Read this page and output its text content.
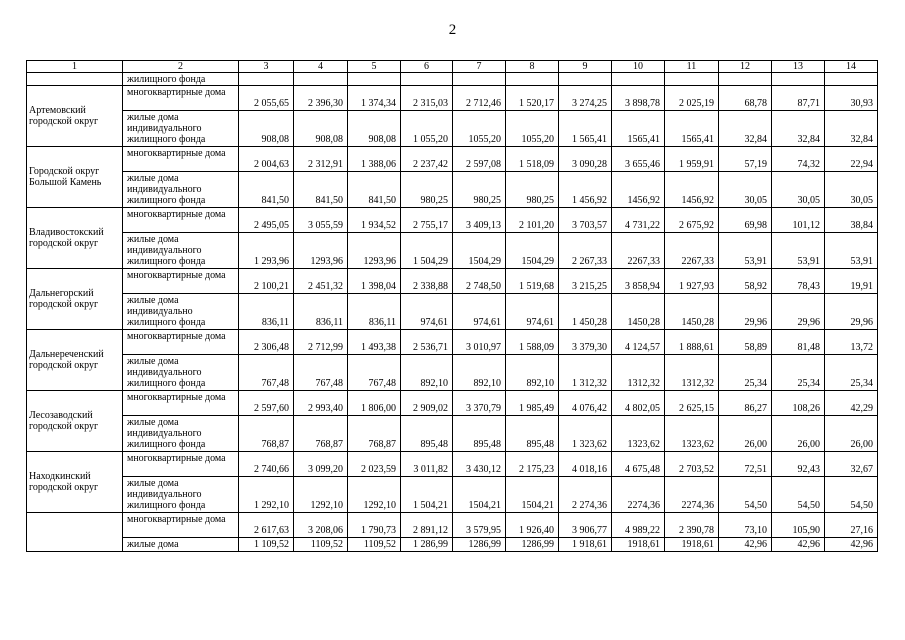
2
1	2	3	4	5	6	7	8	9	10	11	12	13	14
	жилищного фонда												
Артемовский городской округ	многоквартирные дома	2 055,65	2 396,30	1 374,34	2 315,03	2 712,46	1 520,17	3 274,25	3 898,78	2 025,19	68,78	87,71	30,93
	жилые дома индивидуального жилищного фонда	908,08	908,08	908,08	1 055,20	1055,20	1055,20	1 565,41	1565,41	1565,41	32,84	32,84	32,84
Городской округ Большой Камень	многоквартирные дома	2 004,63	2 312,91	1 388,06	2 237,42	2 597,08	1 518,09	3 090,28	3 655,46	1 959,91	57,19	74,32	22,94
	жилые дома индивидуального жилищного фонда	841,50	841,50	841,50	980,25	980,25	980,25	1 456,92	1456,92	1456,92	30,05	30,05	30,05
Владивостокский городской округ	многоквартирные дома	2 495,05	3 055,59	1 934,52	2 755,17	3 409,13	2 101,20	3 703,57	4 731,22	2 675,92	69,98	101,12	38,84
	жилые дома индивидуального жилищного фонда	1 293,96	1293,96	1293,96	1 504,29	1504,29	1504,29	2 267,33	2267,33	2267,33	53,91	53,91	53,91
Дальнегорский городской округ	многоквартирные дома	2 100,21	2 451,32	1 398,04	2 338,88	2 748,50	1 519,68	3 215,25	3 858,94	1 927,93	58,92	78,43	19,91
	жилые дома индивидуально жилищного фонда	836,11	836,11	836,11	974,61	974,61	974,61	1 450,28	1450,28	1450,28	29,96	29,96	29,96
Дальнереченский городской округ	многоквартирные дома	2 306,48	2 712,99	1 493,38	2 536,71	3 010,97	1 588,09	3 379,30	4 124,57	1 888,61	58,89	81,48	13,72
	жилые дома индивидуального жилищного фонда	767,48	767,48	767,48	892,10	892,10	892,10	1 312,32	1312,32	1312,32	25,34	25,34	25,34
Лесозаводский городской округ	многоквартирные дома	2 597,60	2 993,40	1 806,00	2 909,02	3 370,79	1 985,49	4 076,42	4 802,05	2 625,15	86,27	108,26	42,29
	жилые дома индивидуального жилищного фонда	768,87	768,87	768,87	895,48	895,48	895,48	1 323,62	1323,62	1323,62	26,00	26,00	26,00
Находкинский городской округ	многоквартирные дома	2 740,66	3 099,20	2 023,59	3 011,82	3 430,12	2 175,23	4 018,16	4 675,48	2 703,52	72,51	92,43	32,67
	жилые дома индивидуального жилищного фонда	1 292,10	1292,10	1292,10	1 504,21	1504,21	1504,21	2 274,36	2274,36	2274,36	54,50	54,50	54,50
	многоквартирные дома	2 617,63	3 208,06	1 790,73	2 891,12	3 579,95	1 926,40	3 906,77	4 989,22	2 390,78	73,10	105,90	27,16
	жилые дома	1 109,52	1109,52	1109,52	1 286,99	1286,99	1286,99	1 918,61	1918,61	1918,61	42,96	42,96	42,96
